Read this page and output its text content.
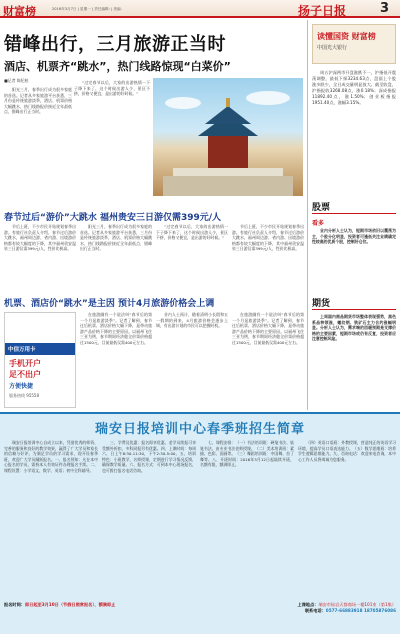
财富榜	2016年3月7日 | 星期一 | 责任编辑: | 美编:	扬子日报	3
错峰出行，三月旅游正当时
酒店、机票齐“跳水”，热门线路惊现“白菜价”
■记者 陈纪柏
阳光三月，春季出行成为很多家庭的首选。记者从多家旅游平台获悉，三月份是传统旅游淡季，酒店、机票价格大幅跳水，热门线路报价接近全年最低点，错峰出行正当时。
“过完春节以后，大家的出游热情一下子降下来了，这个时候出游人少，景区不挤，价格又便宜，是出游的好时候。”
春节过后“游价”大跳水 福州贵安三日游仅需399元/人
节后上班，不少市民开始规划春季出游。有旅行社负责人介绍，春节过后游价大跳水，福州周边游、省内游、出境游价格都有较大幅度的下降，其中福州贵安温泉三日游仅需399元/人，性价比极高。
阳光三月，春季出行成为很多家庭的首选。记者从多家旅游平台获悉，三月份是传统旅游淡季，酒店、机票价格大幅跳水，热门线路报价接近全年最低点，错峰出行正当时。
“过完春节以后，大家的出游热情一下子降下来了，这个时候出游人少，景区不挤，价格又便宜，是出游的好时候。”
节后上班，不少市民开始规划春季出游。有旅行社负责人介绍，春节过后游价大跳水，福州周边游、省内游、出境游价格都有较大幅度的下降，其中福州贵安温泉三日游仅需399元/人，性价比极高。
机票、酒店价“跳水”是主因 预计4月旅游价格会上调
中信万用卡
手机开户
足不出户
方便快捷
服务热线 95558
在旅游圈有一个说法叫“春节后的第一个月是旅游淡季”。记者了解到，春节过后机票、酒店价格大幅下降，是带动旅游产品价格下降的主要原因。以福州飞往三亚为例，春节期间经济舱全价票价格超过1500元，目前最低仅需400元左右。
业内人士预计，随着清明小长假和五一假期的到来，4月旅游价格会逐步上调，有出游计划的市民可以把握时机。
在旅游圈有一个说法叫“春节后的第一个月是旅游淡季”。记者了解到，春节过后机票、酒店价格大幅下降，是带动旅游产品价格下降的主要原因。以福州飞往三亚为例，春节期间经济舱全价票价格超过1500元，目前最低仅需400元左右。
读懂国资 财富榜
中国光大银行
周五沪深两市开盘涨跌不一，沪指低开震荡调整，最低下探3234.63点，盘面上个股涨多跌少，全日成交量明显放大。截至收盘，沪指报收3268.08点，涨0.18%；深成指报11892.40点，涨1.50%；创业板指报1951.40点，涨幅3.15%。
股票
看多
业内分析人士认为，短期市场依旧以震荡为主，个股分化明显，投资者可逢低关注业绩确定性较高的优质个股，控制好仓位。
期货
上周国内商品期货市场整体表现强势，黑色系品种领涨，螺纹钢、铁矿石主力合约涨幅明显。分析人士认为，需求端的回暖预期是支撑价格的主要因素，短期市场或仍有反复，投资者应注意控制风险。
瑞安日报培训中心春季班招生简章
瑞安日报培训中心自成立以来，凭借优秀的师资、完善的服务和良好的教学效果，赢得了广大学员和家长的信赖与好评。为满足学员的学习需求，现开设春季班，欢迎广大学员踊跃报名。一、报名须知：凡在本中心报名的学员，需持本人有效证件办理报名手续。二、课程设置：小学语文、数学、英语；初中全科辅导。
三、学费及优惠：报名即享优惠，老学员续报可享受额外折扣，多科同报另有优惠。四、上课时间：每周六、日上午8:30-11:30，下午2:30-5:00。五、培训特色：小班教学，名师授课，定期进行学习情况反馈，确保教学质量。六、报名方式：可到本中心现场报名，也可拨打报名电话咨询。
七、课程安排：（一）书法培训班：硬笔书法、软笔书法，由专业书法老师授课。（二）美术培训班：素描、色彩、国画等。（三）舞蹈培训班：中国舞、拉丁舞等。八、开班时间：2016年3月12日起陆续开班，名额有限，额满即止。
（四）英语口语班：外教授课，营造纯正的英语学习环境，提高学员口语表达能力。（五）数学思维班：培养学生逻辑思维能力。九、咨询电话：欢迎来电咨询，本中心工作人员将竭诚为您服务。
报名时间：即日起至3月10日（节假日照常报名），额满即止	上课地点：瑞安市仙岩天都商场一楼101室（第1集）
联系电话：0577-66883918 18705876086
